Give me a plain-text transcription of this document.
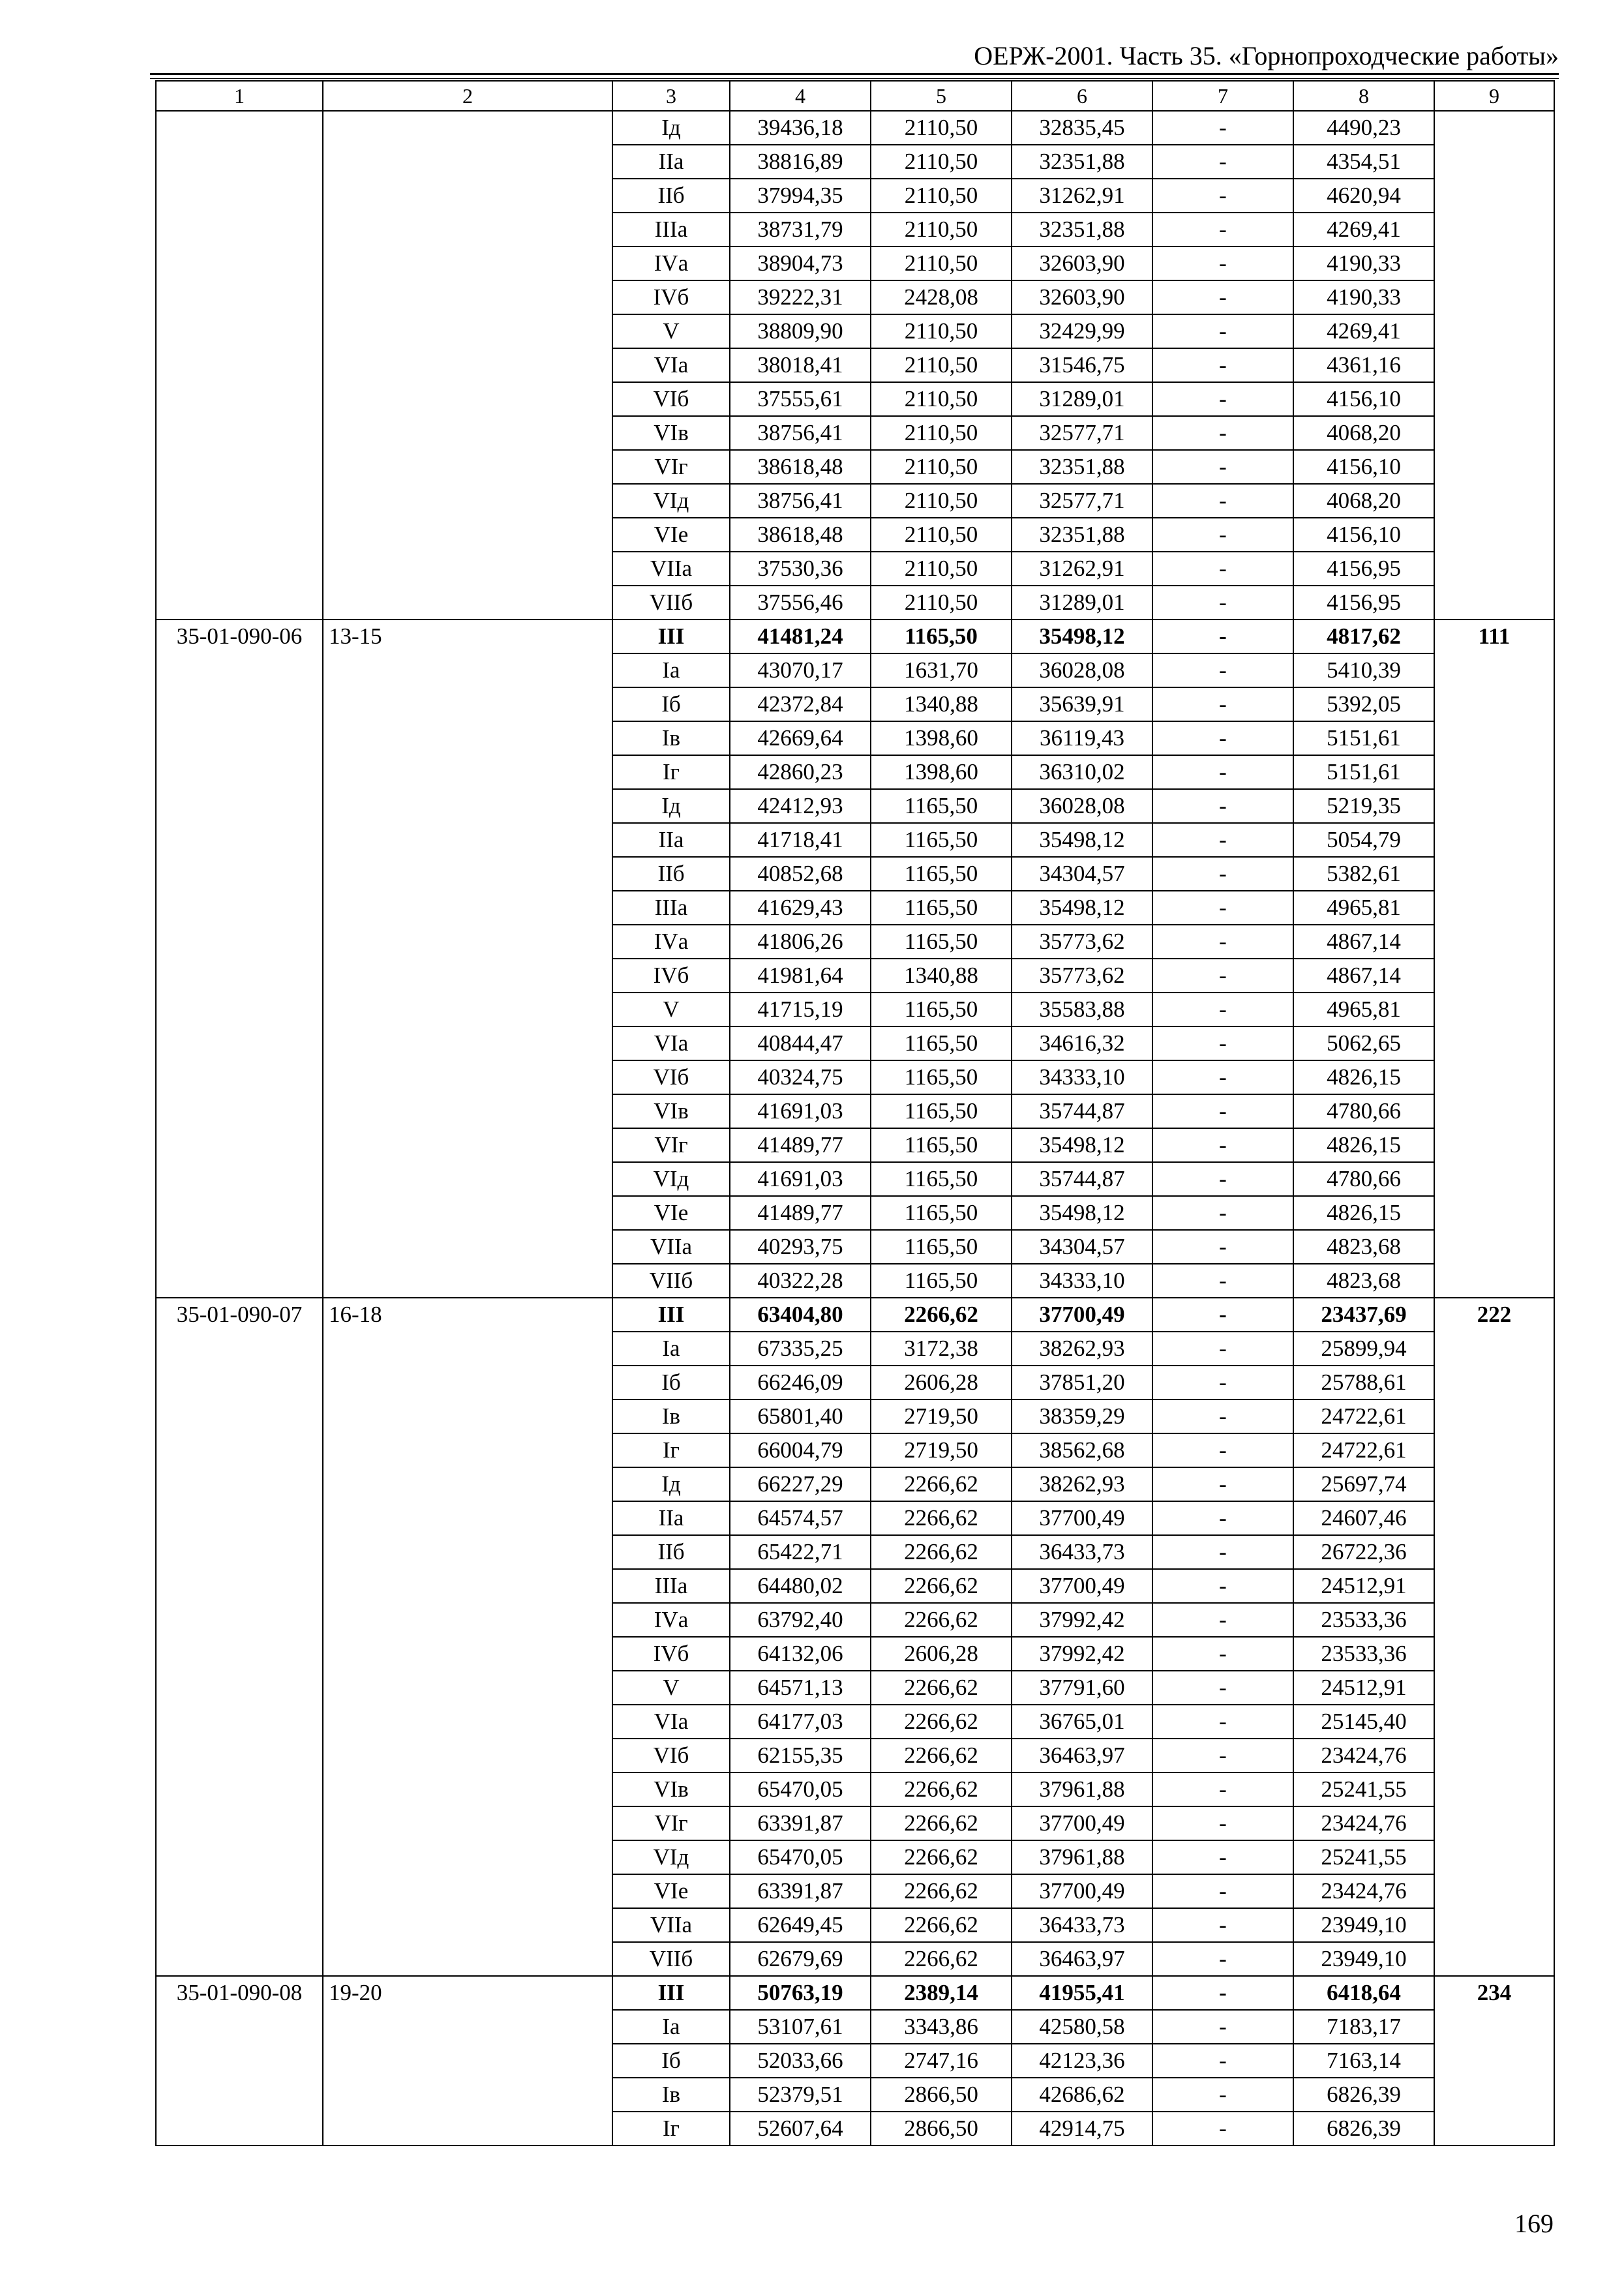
ОЕРЖ-2001. Часть 35. «Горнопроходческие работы»
1	2	3	4	5	6	7	8	9
		Iд	39436,18	2110,50	32835,45	-	4490,23	
		IIа	38816,89	2110,50	32351,88	-	4354,51	
		IIб	37994,35	2110,50	31262,91	-	4620,94	
		IIIа	38731,79	2110,50	32351,88	-	4269,41	
		IVа	38904,73	2110,50	32603,90	-	4190,33	
		IVб	39222,31	2428,08	32603,90	-	4190,33	
		V	38809,90	2110,50	32429,99	-	4269,41	
		VIа	38018,41	2110,50	31546,75	-	4361,16	
		VIб	37555,61	2110,50	31289,01	-	4156,10	
		VIв	38756,41	2110,50	32577,71	-	4068,20	
		VIг	38618,48	2110,50	32351,88	-	4156,10	
		VIд	38756,41	2110,50	32577,71	-	4068,20	
		VIе	38618,48	2110,50	32351,88	-	4156,10	
		VIIа	37530,36	2110,50	31262,91	-	4156,95	
		VIIб	37556,46	2110,50	31289,01	-	4156,95	
35-01-090-06	13-15	III	41481,24	1165,50	35498,12	-	4817,62	111
		Iа	43070,17	1631,70	36028,08	-	5410,39	
		Iб	42372,84	1340,88	35639,91	-	5392,05	
		Iв	42669,64	1398,60	36119,43	-	5151,61	
		Iг	42860,23	1398,60	36310,02	-	5151,61	
		Iд	42412,93	1165,50	36028,08	-	5219,35	
		IIа	41718,41	1165,50	35498,12	-	5054,79	
		IIб	40852,68	1165,50	34304,57	-	5382,61	
		IIIа	41629,43	1165,50	35498,12	-	4965,81	
		IVа	41806,26	1165,50	35773,62	-	4867,14	
		IVб	41981,64	1340,88	35773,62	-	4867,14	
		V	41715,19	1165,50	35583,88	-	4965,81	
		VIа	40844,47	1165,50	34616,32	-	5062,65	
		VIб	40324,75	1165,50	34333,10	-	4826,15	
		VIв	41691,03	1165,50	35744,87	-	4780,66	
		VIг	41489,77	1165,50	35498,12	-	4826,15	
		VIд	41691,03	1165,50	35744,87	-	4780,66	
		VIе	41489,77	1165,50	35498,12	-	4826,15	
		VIIа	40293,75	1165,50	34304,57	-	4823,68	
		VIIб	40322,28	1165,50	34333,10	-	4823,68	
35-01-090-07	16-18	III	63404,80	2266,62	37700,49	-	23437,69	222
		Iа	67335,25	3172,38	38262,93	-	25899,94	
		Iб	66246,09	2606,28	37851,20	-	25788,61	
		Iв	65801,40	2719,50	38359,29	-	24722,61	
		Iг	66004,79	2719,50	38562,68	-	24722,61	
		Iд	66227,29	2266,62	38262,93	-	25697,74	
		IIа	64574,57	2266,62	37700,49	-	24607,46	
		IIб	65422,71	2266,62	36433,73	-	26722,36	
		IIIа	64480,02	2266,62	37700,49	-	24512,91	
		IVа	63792,40	2266,62	37992,42	-	23533,36	
		IVб	64132,06	2606,28	37992,42	-	23533,36	
		V	64571,13	2266,62	37791,60	-	24512,91	
		VIа	64177,03	2266,62	36765,01	-	25145,40	
		VIб	62155,35	2266,62	36463,97	-	23424,76	
		VIв	65470,05	2266,62	37961,88	-	25241,55	
		VIг	63391,87	2266,62	37700,49	-	23424,76	
		VIд	65470,05	2266,62	37961,88	-	25241,55	
		VIе	63391,87	2266,62	37700,49	-	23424,76	
		VIIа	62649,45	2266,62	36433,73	-	23949,10	
		VIIб	62679,69	2266,62	36463,97	-	23949,10	
35-01-090-08	19-20	III	50763,19	2389,14	41955,41	-	6418,64	234
		Iа	53107,61	3343,86	42580,58	-	7183,17	
		Iб	52033,66	2747,16	42123,36	-	7163,14	
		Iв	52379,51	2866,50	42686,62	-	6826,39	
		Iг	52607,64	2866,50	42914,75	-	6826,39	
169
